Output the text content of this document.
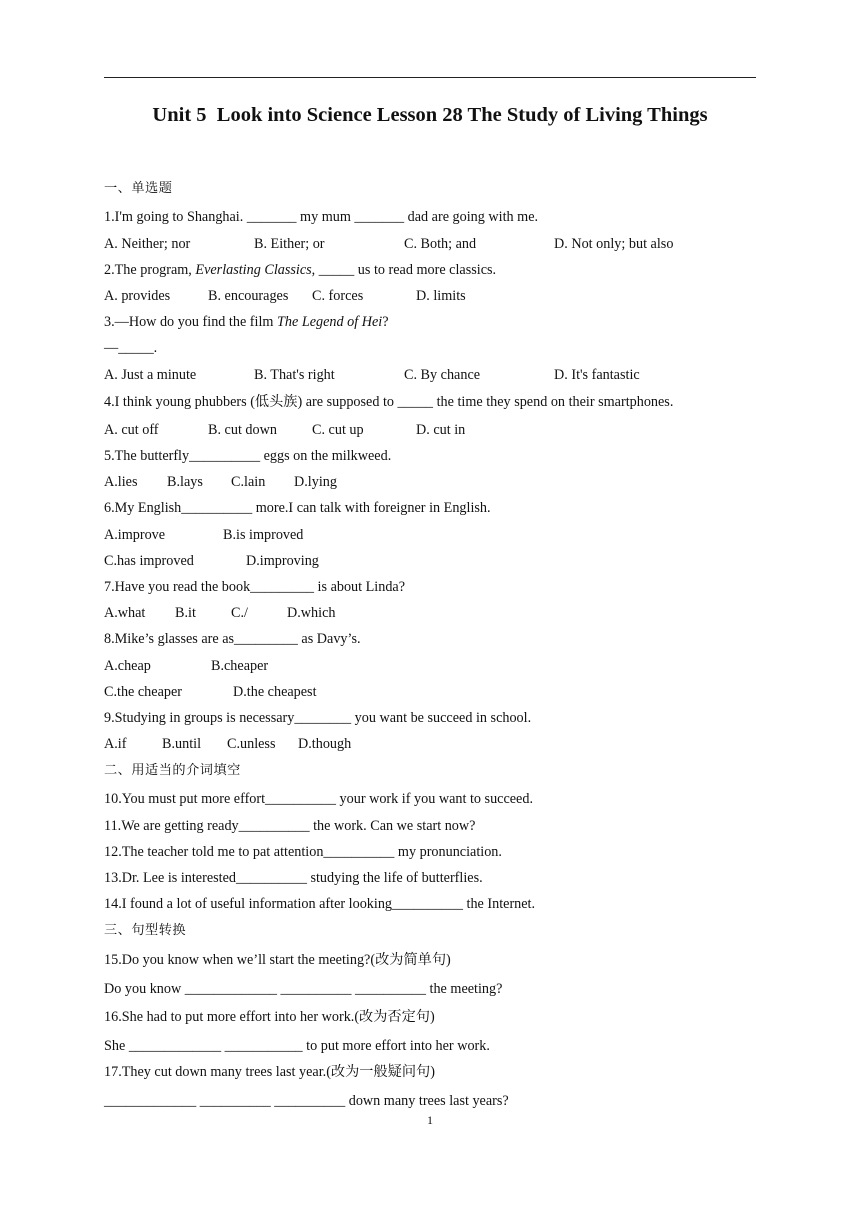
Unit 5  Look into Science Lesson 28 The Study of Living Things
一、单选题
1.I'm going to Shanghai. _______ my mum _______ dad are going with me.
A. Neither; nor	B. Either; or	C. Both; and	D. Not only; but also
2.The program, Everlasting Classics, _____ us to read more classics.
A. provides	B. encourages C. forces	D. limits
3.—How do you find the film The Legend of Hei?
—_____.
A. Just a minute	B. That's right	C. By chance	D. It's fantastic
4.I think young phubbers (低头族) are supposed to _____ the time they spend on their smartphones.
A. cut off	B. cut down C. cut up	D. cut in
5.The butterfly__________ eggs on the milkweed.
A.lies B.lays C.lain D.lying
6.My English__________ more.I can talk with foreigner in English.
A.improve	B.is improved
C.has improved	D.improving
7.Have you read the book_________ is about Linda?
A.what B.it C./	D.which
8.Mike’s glasses are as_________ as Davy’s.
A.cheap	B.cheaper
C.the cheaper	D.the cheapest
9.Studying in groups is necessary________ you want be succeed in school.
A.if	B.until C.unless D.though
二、用适当的介词填空
10.You must put more effort__________ your work if you want to succeed.
11.We are getting ready__________ the work. Can we start now?
12.The teacher told me to pat attention__________ my pronunciation.
13.Dr. Lee is interested__________ studying the life of butterflies.
14.I found a lot of useful information after looking__________ the Internet.
三、句型转换
15.Do you know when we’ll start the meeting?(改为简单句)
Do you know _____________ __________ __________ the meeting?
16.She had to put more effort into her work.(改为否定句)
She _____________ ___________ to put more effort into her work.
17.They cut down many trees last year.(改为一般疑问句)
_____________ __________ __________ down many trees last years?
1
